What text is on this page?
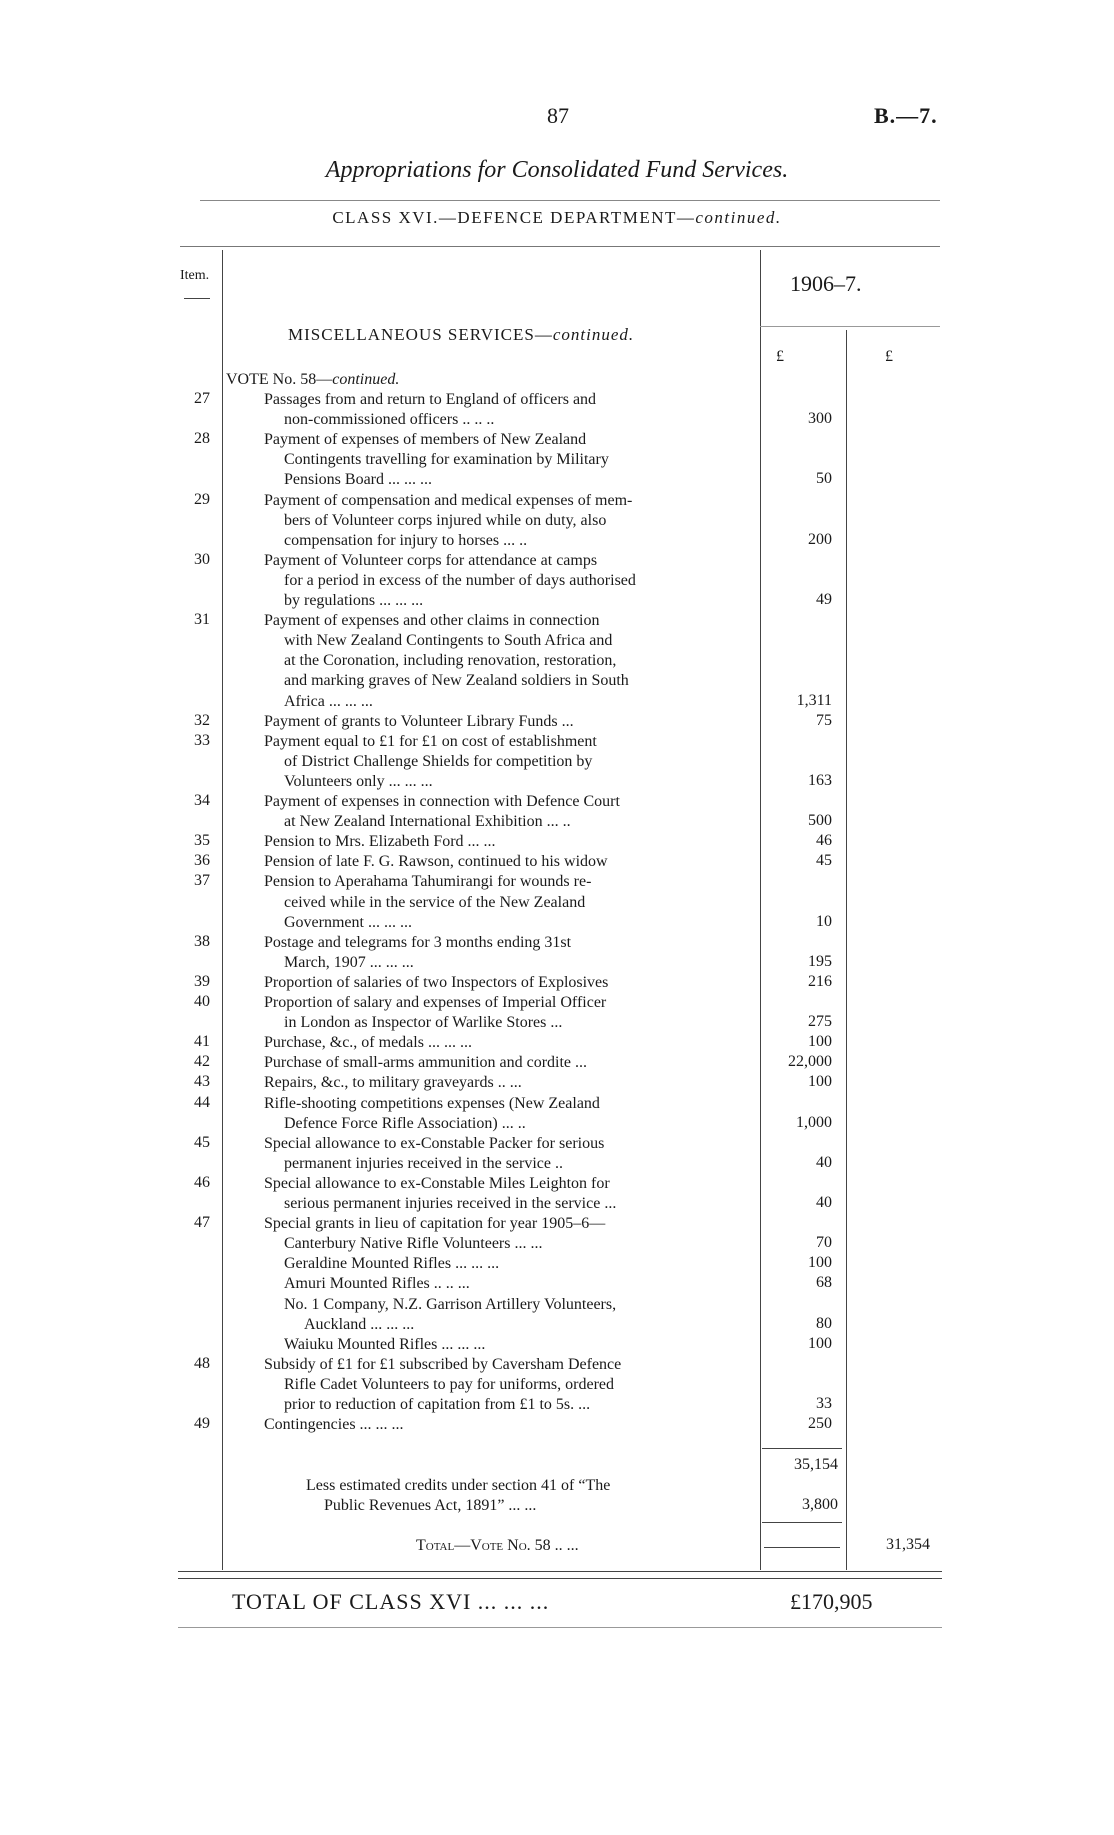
87	B.—7.
Appropriations for Consolidated Fund Services.
CLASS XVI.—DEFENCE DEPARTMENT—continued.
Item.	1906–7.
MISCELLANEOUS SERVICES—continued.
£	£
VOTE No. 58—continued.
27	Passages from and return to England of officers and
non-commissioned officers .. .. ..	300
28	Payment of expenses of members of New Zealand
Contingents travelling for examination by Military
Pensions Board ... ... ...	50
29	Payment of compensation and medical expenses of mem-
bers of Volunteer corps injured while on duty, also
compensation for injury to horses ... ..	200
30	Payment of Volunteer corps for attendance at camps
for a period in excess of the number of days authorised
by regulations ... ... ...	49
31	Payment of expenses and other claims in connection
with New Zealand Contingents to South Africa and
at the Coronation, including renovation, restoration,
and marking graves of New Zealand soldiers in South
Africa ... ... ...	1,311
32	Payment of grants to Volunteer Library Funds ...	75
33	Payment equal to £1 for £1 on cost of establishment
of District Challenge Shields for competition by
Volunteers only ... ... ...	163
34	Payment of expenses in connection with Defence Court
at New Zealand International Exhibition ... ..	500
35	Pension to Mrs. Elizabeth Ford ... ...	46
36	Pension of late F. G. Rawson, continued to his widow	45
37	Pension to Aperahama Tahumirangi for wounds re-
ceived while in the service of the New Zealand
Government ... ... ...	10
38	Postage and telegrams for 3 months ending 31st
March, 1907 ... ... ...	195
39	Proportion of salaries of two Inspectors of Explosives	216
40	Proportion of salary and expenses of Imperial Officer
in London as Inspector of Warlike Stores ...	275
41	Purchase, &c., of medals ... ... ...	100
42	Purchase of small-arms ammunition and cordite ...	22,000
43	Repairs, &c., to military graveyards .. ...	100
44	Rifle-shooting competitions expenses (New Zealand
Defence Force Rifle Association) ... ..	1,000
45	Special allowance to ex-Constable Packer for serious
permanent injuries received in the service ..	40
46	Special allowance to ex-Constable Miles Leighton for
serious permanent injuries received in the service ...	40
47	Special grants in lieu of capitation for year 1905–6—
Canterbury Native Rifle Volunteers ... ...	70
Geraldine Mounted Rifles ... ... ...	100
Amuri Mounted Rifles .. .. ...	68
No. 1 Company, N.Z. Garrison Artillery Volunteers,
Auckland ... ... ...	80
Waiuku Mounted Rifles ... ... ...	100
48	Subsidy of £1 for £1 subscribed by Caversham Defence
Rifle Cadet Volunteers to pay for uniforms, ordered
prior to reduction of capitation from £1 to 5s. ...	33
49	Contingencies ... ... ...	250
35,154
Less estimated credits under section 41 of “The
Public Revenues Act, 1891” ... ...	3,800
Total—Vote No. 58 .. ...	31,354
TOTAL OF CLASS XVI ... ... ...	£170,905
